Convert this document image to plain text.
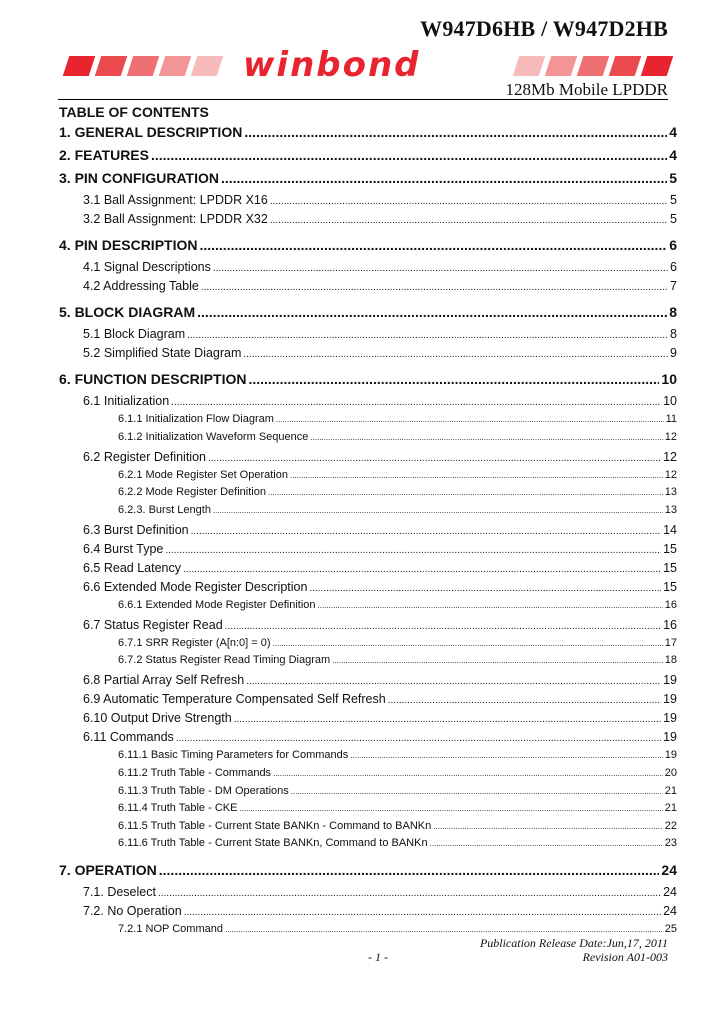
W947D6HB / W947D2HB
winbond
128Mb Mobile LPDDR
TABLE OF CONTENTS
1. GENERAL DESCRIPTION .....	4
2. FEATURES .....	4
3. PIN CONFIGURATION .....	5
3.1 Ball Assignment: LPDDR X16 .....	5
3.2 Ball Assignment: LPDDR X32 .....	5
4. PIN DESCRIPTION .....	6
4.1 Signal Descriptions .....	6
4.2 Addressing Table .....	7
5. BLOCK DIAGRAM .....	8
5.1 Block Diagram .....	8
5.2 Simplified State Diagram .....	9
6. FUNCTION DESCRIPTION .....	10
6.1 Initialization .....	10
6.1.1 Initialization Flow Diagram .....	11
6.1.2 Initialization Waveform Sequence .....	12
6.2 Register Definition .....	12
6.2.1 Mode Register Set Operation .....	12
6.2.2 Mode Register Definition .....	13
6.2.3. Burst Length .....	13
6.3 Burst Definition .....	14
6.4 Burst Type .....	15
6.5 Read Latency .....	15
6.6 Extended Mode Register Description .....	15
6.6.1 Extended Mode Register Definition .....	16
6.7 Status Register Read .....	16
6.7.1 SRR Register (A[n:0] = 0) .....	17
6.7.2 Status Register Read Timing Diagram .....	18
6.8 Partial Array Self Refresh .....	19
6.9 Automatic Temperature Compensated Self Refresh .....	19
6.10 Output Drive Strength .....	19
6.11 Commands .....	19
6.11.1 Basic Timing Parameters for Commands .....	19
6.11.2 Truth Table - Commands .....	20
6.11.3 Truth Table - DM Operations .....	21
6.11.4 Truth Table - CKE .....	21
6.11.5 Truth Table - Current State BANKn - Command to BANKn .....	22
6.11.6 Truth Table - Current State BANKn, Command to BANKn .....	23
7. OPERATION .....	24
7.1. Deselect .....	24
7.2. No Operation .....	24
7.2.1 NOP Command .....	25
Publication Release Date:Jun,17, 2011
- 1 -	Revision A01-003
